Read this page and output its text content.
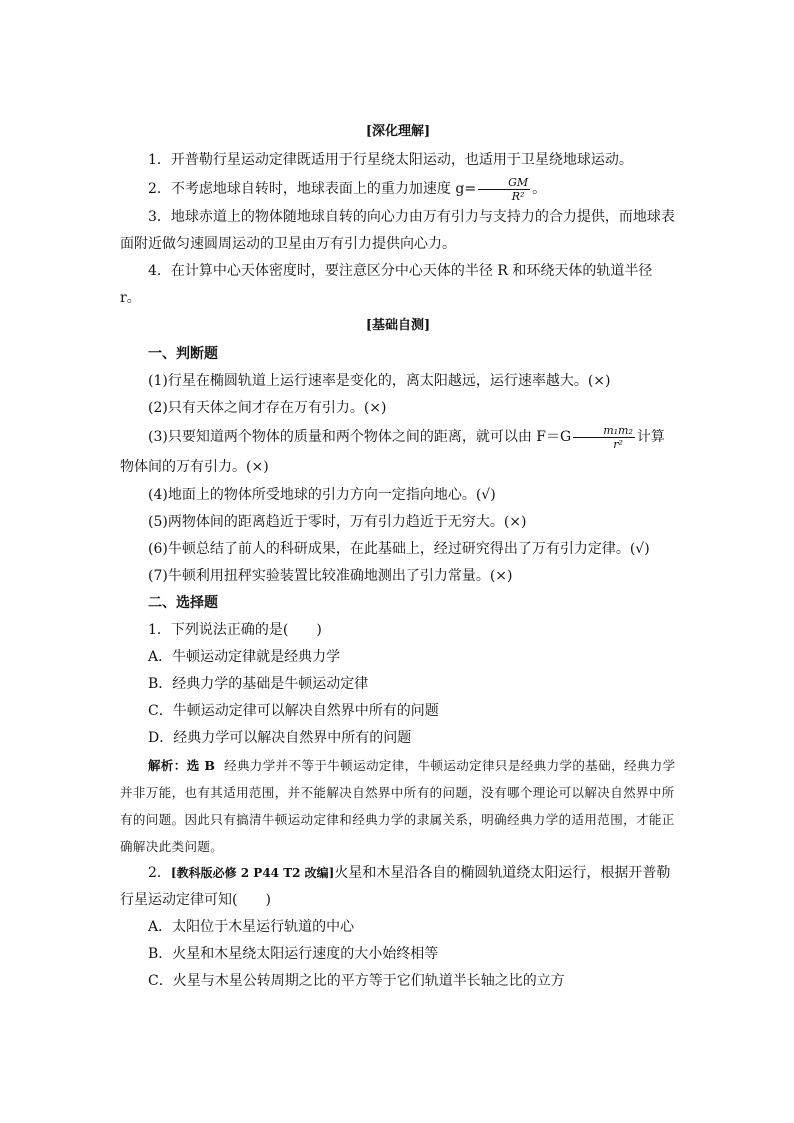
[深化理解]

1．开普勒行星运动定律既适用于行星绕太阳运动，也适用于卫星绕地球运动。

2．不考虑地球自转时，地球表面上的重力加速度 $g= \frac{GM}{\text{R²}}$ 。

3．地球赤道上的物体随地球自转的向心力由万有引力与支持力的合力提供，而地球表面附近做匀速圆周运动的卫星由万有引力提供向心力。

4．在计算中心天体密度时，要注意区分中心天体的半径 R 和环绕天体的轨道半径 r。

[基础自测]

一、判断题

(1)行星在椭圆轨道上运行速率是变化的，离太阳越远，运行速率越大。(×)

(2)只有天体之间才存在万有引力。(×)

(3)只要知道两个物体的质量和两个物体之间的距离，就可以由 $F=G \frac{\text{m₁m₂}}{\text{r²}}$ 计算物体间的万有引力。(×)

(4)地面上的物体所受地球的引力方向一定指向地心。(√)

(5)两物体间的距离趋近于零时，万有引力趋近于无穷大。(×)

(6)牛顿总结了前人的科研成果，在此基础上，经过研究得出了万有引力定律。(√)

(7)牛顿利用扭秤实验装置比较准确地测出了引力常量。(×)

二、选择题

1．下列说法正确的是(　　)

A．牛顿运动定律就是经典力学

B．经典力学的基础是牛顿运动定律

C．牛顿运动定律可以解决自然界中所有的问题

D．经典力学可以解决自然界中所有的问题

解析：选 B 经典力学并不等于牛顿运动定律，牛顿运动定律只是经典力学的基础，经典力学并非万能，也有其适用范围，并不能解决自然界中所有的问题，没有哪个理论可以解决自然界中所有的问题。因此只有搞清牛顿运动定律和经典力学的隶属关系，明确经典力学的适用范围，才能正确解决此类问题。

2．[教科版必修 2 P44 T2 改编]火星和木星沿各自的椭圆轨道绕太阳运行，根据开普勒行星运动定律可知(　　)

A．太阳位于木星运行轨道的中心

B．火星和木星绕太阳运行速度的大小始终相等

C．火星与木星公转周期之比的平方等于它们轨道半长轴之比的立方
